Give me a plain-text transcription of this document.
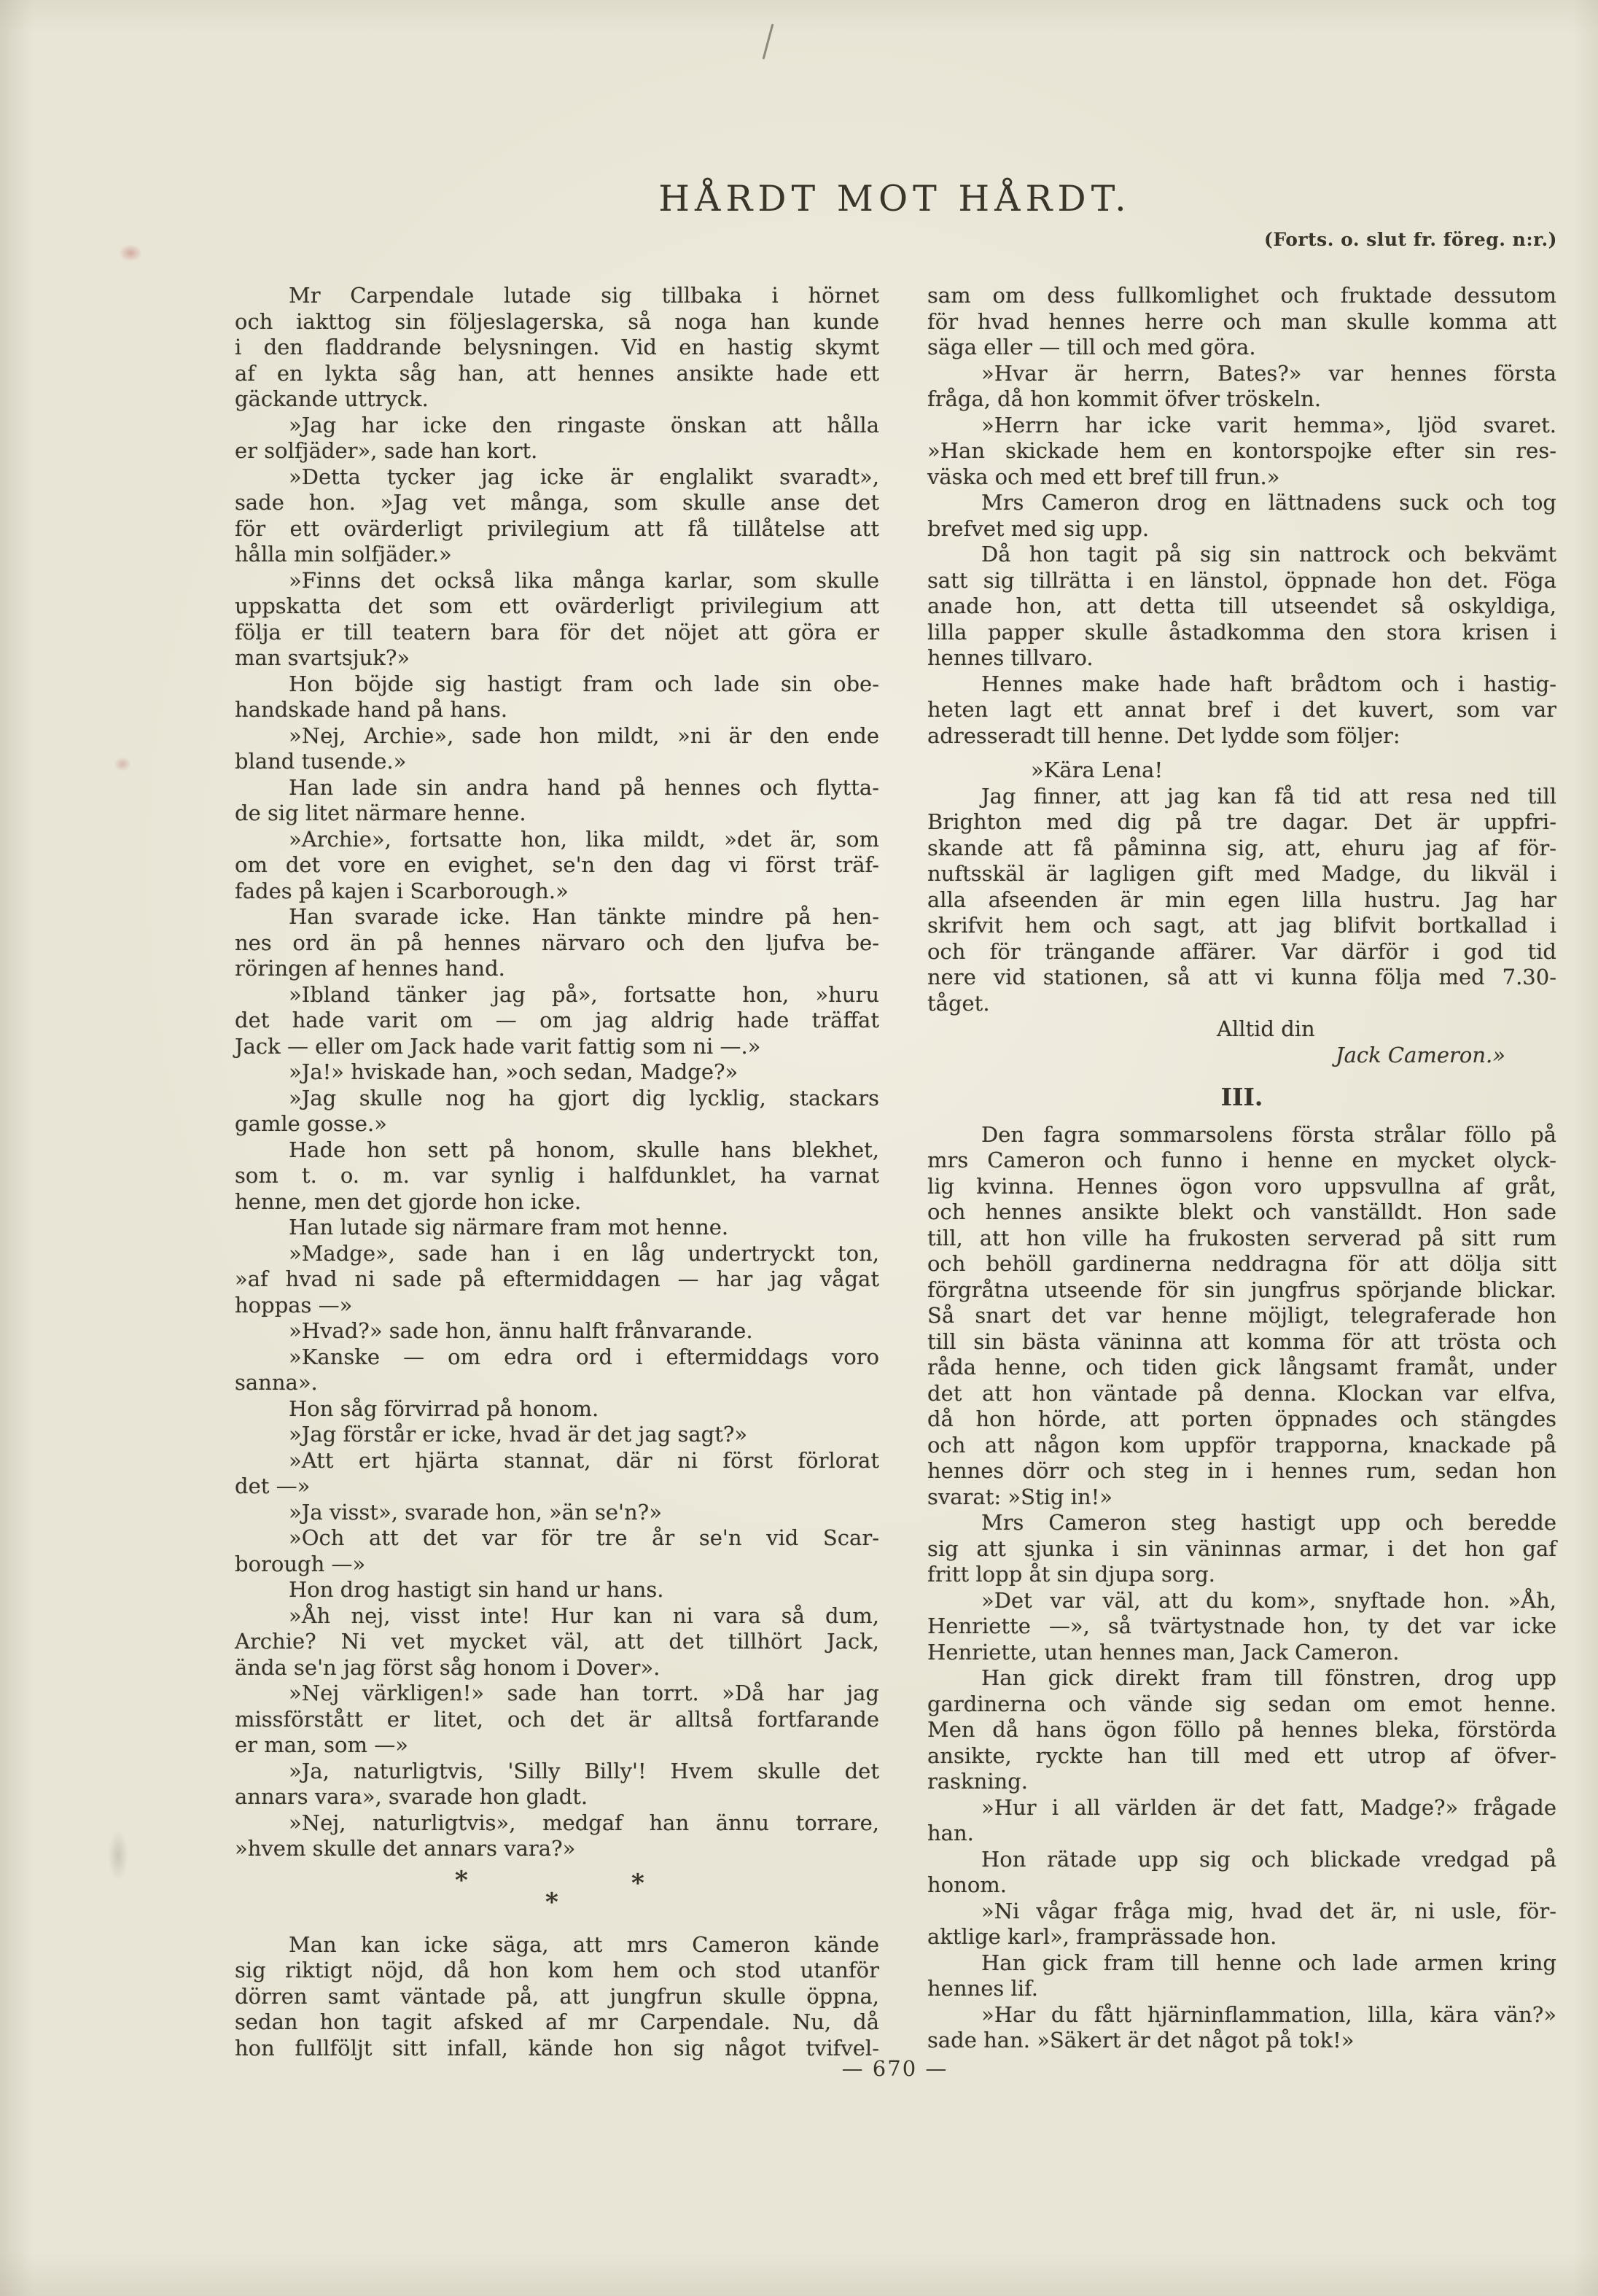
HÅRDT MOT HÅRDT.
(Forts. o. slut fr. föreg. n:r.)
Mr Carpendale lutade sig tillbaka i hörnet
och iakttog sin följeslagerska, så noga han kunde
i den fladdrande belysningen. Vid en hastig skymt
af en lykta såg han, att hennes ansikte hade ett
gäckande uttryck.
»Jag har icke den ringaste önskan att hålla
er solfjäder», sade han kort.
»Detta tycker jag icke är englalikt svaradt»,
sade hon. »Jag vet många, som skulle anse det
för ett ovärderligt privilegium att få tillåtelse att
hålla min solfjäder.»
»Finns det också lika många karlar, som skulle
uppskatta det som ett ovärderligt privilegium att
följa er till teatern bara för det nöjet att göra er
man svartsjuk?»
Hon böjde sig hastigt fram och lade sin obe-
handskade hand på hans.
»Nej, Archie», sade hon mildt, »ni är den ende
bland tusende.»
Han lade sin andra hand på hennes och flytta-
de sig litet närmare henne.
»Archie», fortsatte hon, lika mildt, »det är, som
om det vore en evighet, se'n den dag vi först träf-
fades på kajen i Scarborough.»
Han svarade icke. Han tänkte mindre på hen-
nes ord än på hennes närvaro och den ljufva be-
röringen af hennes hand.
»Ibland tänker jag på», fortsatte hon, »huru
det hade varit om — om jag aldrig hade träffat
Jack — eller om Jack hade varit fattig som ni —.»
»Ja!» hviskade han, »och sedan, Madge?»
»Jag skulle nog ha gjort dig lycklig, stackars
gamle gosse.»
Hade hon sett på honom, skulle hans blekhet,
som t. o. m. var synlig i halfdunklet, ha varnat
henne, men det gjorde hon icke.
Han lutade sig närmare fram mot henne.
»Madge», sade han i en låg undertryckt ton,
»af hvad ni sade på eftermiddagen — har jag vågat
hoppas —»
»Hvad?» sade hon, ännu halft frånvarande.
»Kanske — om edra ord i eftermiddags voro
sanna».
Hon såg förvirrad på honom.
»Jag förstår er icke, hvad är det jag sagt?»
»Att ert hjärta stannat, där ni först förlorat
det —»
»Ja visst», svarade hon, »än se'n?»
»Och att det var för tre år se'n vid Scar-
borough —»
Hon drog hastigt sin hand ur hans.
»Åh nej, visst inte! Hur kan ni vara så dum,
Archie? Ni vet mycket väl, att det tillhört Jack,
ända se'n jag först såg honom i Dover».
»Nej värkligen!» sade han torrt. »Då har jag
missförstått er litet, och det är alltså fortfarande
er man, som —»
»Ja, naturligtvis, 'Silly Billy'! Hvem skulle det
annars vara», svarade hon gladt.
»Nej, naturligtvis», medgaf han ännu torrare,
»hvem skulle det annars vara?»
*
*
*
Man kan icke säga, att mrs Cameron kände
sig riktigt nöjd, då hon kom hem och stod utanför
dörren samt väntade på, att jungfrun skulle öppna,
sedan hon tagit afsked af mr Carpendale. Nu, då
hon fullföljt sitt infall, kände hon sig något tvifvel-
sam om dess fullkomlighet och fruktade dessutom
för hvad hennes herre och man skulle komma att
säga eller — till och med göra.
»Hvar är herrn, Bates?» var hennes första
fråga, då hon kommit öfver tröskeln.
»Herrn har icke varit hemma», ljöd svaret.
»Han skickade hem en kontorspojke efter sin res-
väska och med ett bref till frun.»
Mrs Cameron drog en lättnadens suck och tog
brefvet med sig upp.
Då hon tagit på sig sin nattrock och bekvämt
satt sig tillrätta i en länstol, öppnade hon det. Föga
anade hon, att detta till utseendet så oskyldiga,
lilla papper skulle åstadkomma den stora krisen i
hennes tillvaro.
Hennes make hade haft brådtom och i hastig-
heten lagt ett annat bref i det kuvert, som var
adresseradt till henne. Det lydde som följer:
»Kära Lena!
Jag finner, att jag kan få tid att resa ned till
Brighton med dig på tre dagar. Det är uppfri-
skande att få påminna sig, att, ehuru jag af för-
nuftsskäl är lagligen gift med Madge, du likväl i
alla afseenden är min egen lilla hustru. Jag har
skrifvit hem och sagt, att jag blifvit bortkallad i
och för trängande affärer. Var därför i god tid
nere vid stationen, så att vi kunna följa med 7.30-
tåget.
Alltid din
Jack Cameron.»
III.
Den fagra sommarsolens första strålar föllo på
mrs Cameron och funno i henne en mycket olyck-
lig kvinna. Hennes ögon voro uppsvullna af gråt,
och hennes ansikte blekt och vanställdt. Hon sade
till, att hon ville ha frukosten serverad på sitt rum
och behöll gardinerna neddragna för att dölja sitt
förgråtna utseende för sin jungfrus spörjande blickar.
Så snart det var henne möjligt, telegraferade hon
till sin bästa väninna att komma för att trösta och
råda henne, och tiden gick långsamt framåt, under
det att hon väntade på denna. Klockan var elfva,
då hon hörde, att porten öppnades och stängdes
och att någon kom uppför trapporna, knackade på
hennes dörr och steg in i hennes rum, sedan hon
svarat: »Stig in!»
Mrs Cameron steg hastigt upp och beredde
sig att sjunka i sin väninnas armar, i det hon gaf
fritt lopp åt sin djupa sorg.
»Det var väl, att du kom», snyftade hon. »Åh,
Henriette —», så tvärtystnade hon, ty det var icke
Henriette, utan hennes man, Jack Cameron.
Han gick direkt fram till fönstren, drog upp
gardinerna och vände sig sedan om emot henne.
Men då hans ögon föllo på hennes bleka, förstörda
ansikte, ryckte han till med ett utrop af öfver-
raskning.
»Hur i all världen är det fatt, Madge?» frågade
han.
Hon rätade upp sig och blickade vredgad på
honom.
»Ni vågar fråga mig, hvad det är, ni usle, för-
aktlige karl», framprässade hon.
Han gick fram till henne och lade armen kring
hennes lif.
»Har du fått hjärninflammation, lilla, kära vän?»
sade han. »Säkert är det något på tok!»
— 670 —
